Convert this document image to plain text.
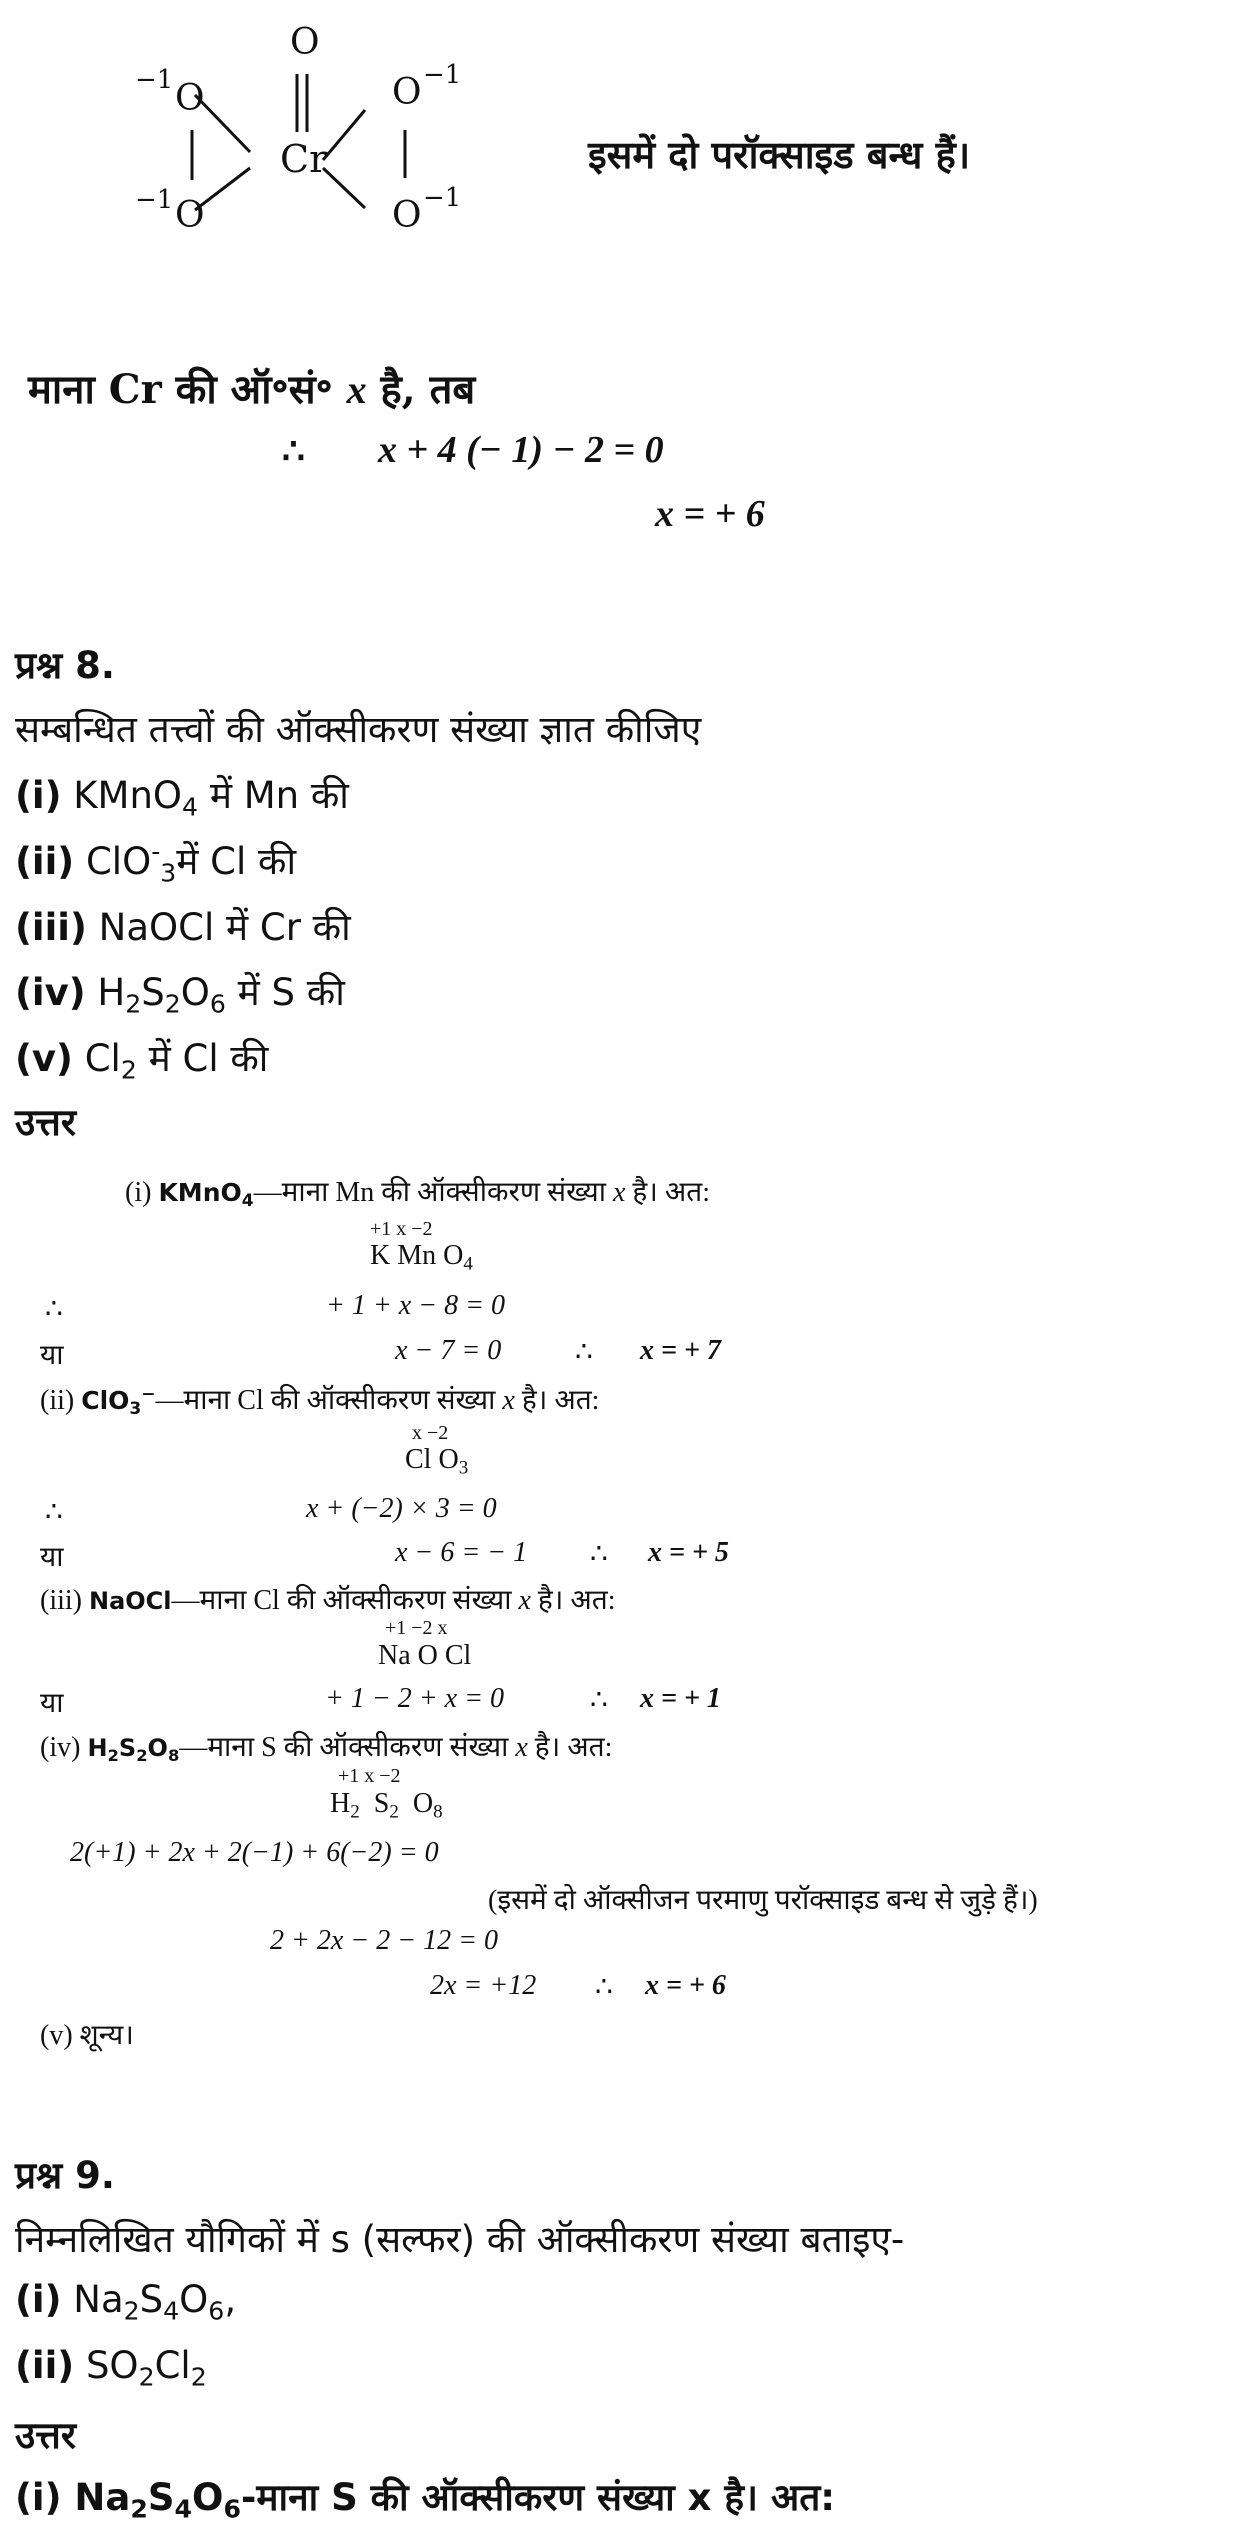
O
−1 O
−1 O
Cr
O −1
O −1
इसमें दो परॉक्साइड बन्ध हैं।
माना Cr की ऑ॰सं॰ x है, तब
∴ x + 4 (− 1) − 2 = 0
x = + 6
प्रश्न 8.
सम्बन्धित तत्त्वों की ऑक्सीकरण संख्या ज्ञात कीजिए
(i) KMnO$_4$ में Mn की
(ii) ClO-$_3$में Cl की
(iii) NaOCl में Cr की
(iv) $H_2S_2O_6$ में S की
(v) $Cl_2$ में Cl की
उत्तर
(i) KMnO$_4$—माना Mn की ऑक्सीकरण संख्या x है। अत:
+1 x −2
K Mn $O_4$
∴	+ 1 + x − 8 = 0
या	x − 7 = 0	∴ x = + 7
(ii) ClO$_3$−—माना Cl की ऑक्सीकरण संख्या x है। अत:
x −2
Cl $O_3$
∴	x + (−2) × 3 = 0
या	x − 6 = − 1 ∴ x = + 5
(iii) NaOCl—माना Cl की ऑक्सीकरण संख्या x है। अत:
+1 −2 x
Na O Cl
या	+ 1 − 2 + x = 0	∴ x = + 1
(iv) $H_2S_2O_8—माना$ S की ऑक्सीकरण संख्या x है। अत:
+1 x −2
$H_2$  $S_2$  $O_8$
2(+1) + 2x + 2(−1) + 6(−2) = 0
(इसमें दो ऑक्सीजन परमाणु परॉक्साइड बन्ध से जुड़े हैं।)
2 + 2x − 2 − 12 = 0
2x = +12 ∴ x = + 6
(v) शून्य।
प्रश्न 9.
निम्नलिखित यौगिकों में s (सल्फर) की ऑक्सीकरण संख्या बताइए-
(i) $Na_2S_4O_6$,
(ii) $SO_2Cl_2$
उत्तर
(i) $Na_2S_4O_6-माना$ S की ऑक्सीकरण संख्या x है। अत:
